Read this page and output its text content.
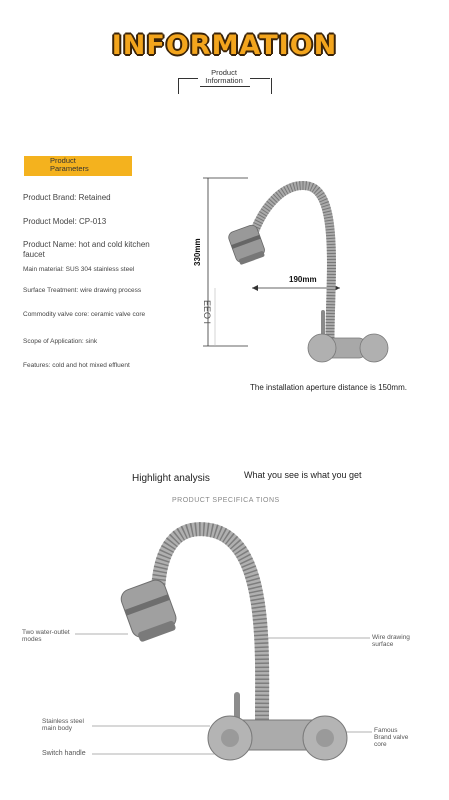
INFORMATION
Product
Information
Product
Parameters
Product Brand: Retained
Product Model: CP-013
Product Name: hot and cold kitchen
faucet
Main material: SUS 304 stainless steel
Surface Treatment: wire drawing process
Commodity valve core: ceramic valve core
Scope of Application: sink
Features: cold and hot mixed effluent
330mm
190mm
EEO I
The installation aperture distance is 150mm.
Highlight analysis	What you see is what you get
PRODUCT SPECIFICA TIONS
Two water-outlet
modes	Wire drawing
surface
Stainless steel
main body	Famous
Brand valve
core
Switch handle
